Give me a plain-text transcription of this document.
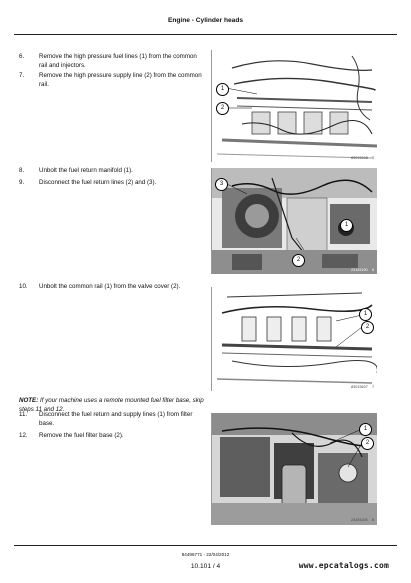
Engine - Cylinder heads
6.	Remove the high pressure fuel lines (1) from the common rail and injectors.
7.	Remove the high pressure supply line (2) from the common rail.
8.	Unbolt the fuel return manifold (1).
9.	Disconnect the fuel return lines (2) and (3).
10.	Unbolt the common rail (1) from the valve cover (2).
NOTE: If your machine uses a remote mounted fuel filter base, skip steps 11 and 12.
11.	Disconnect the fuel return and supply lines (1) from filter base.
12.	Remove the fuel filter base (2).
1
2
83015408 5
3
1
2
23181190 6
1
2
83015407 7
1
2
23181106 8
84496771 - 22/04/2012
10.101 / 4	www.epcatalogs.com
